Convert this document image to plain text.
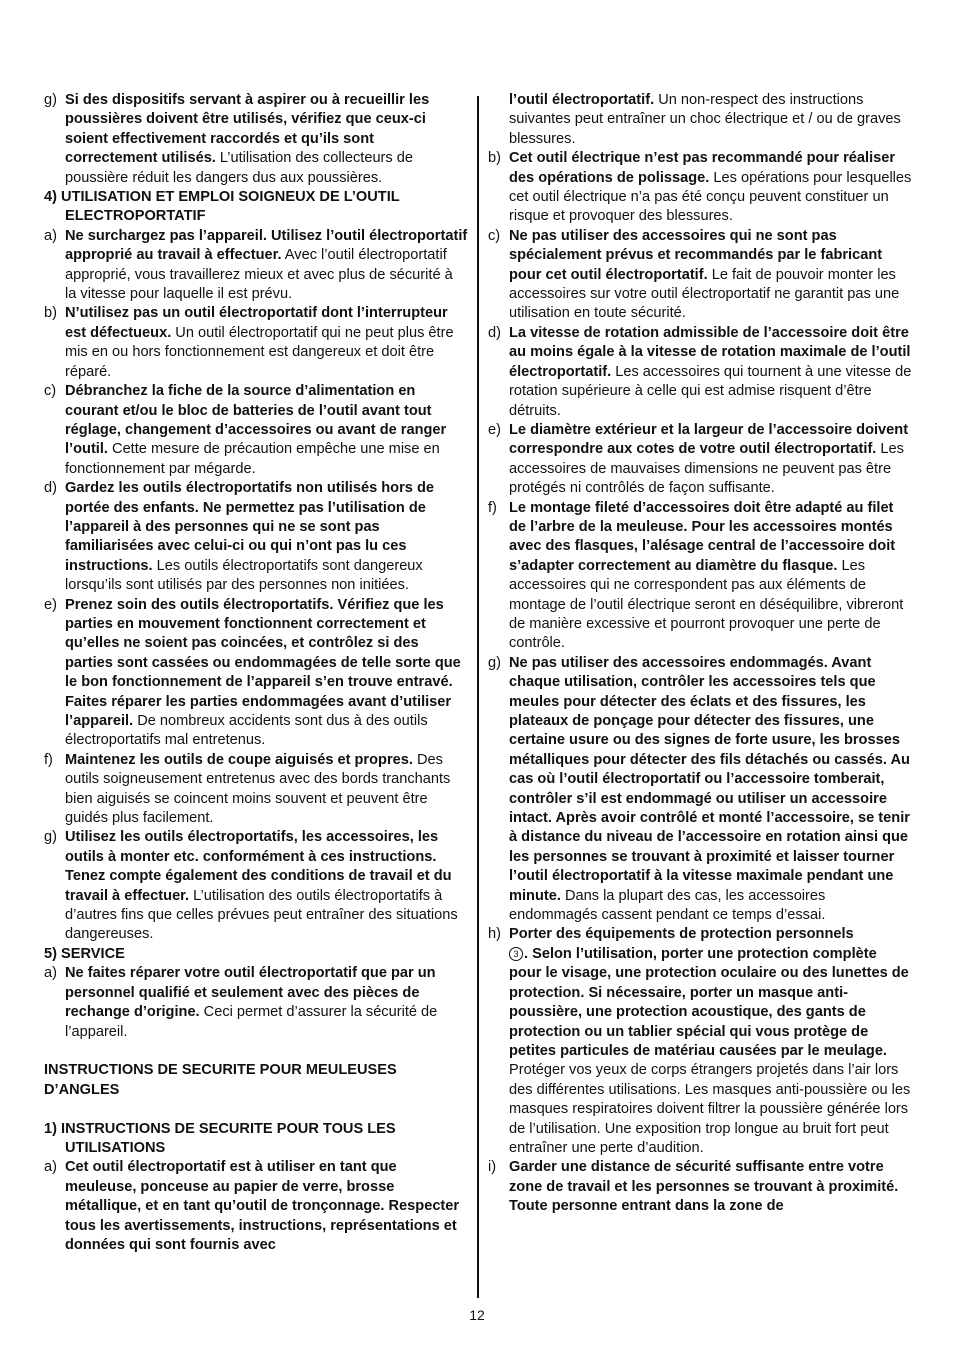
g) Si des dispositifs servant à aspirer ou à recueillir les poussières doivent être utilisés, vérifiez que ceux-ci soient effectivement raccordés et qu’ils sont correctement utilisés. L’utilisation des collecteurs de poussière réduit les dangers dus aux poussières.
4) UTILISATION ET EMPLOI SOIGNEUX DE L’OUTIL
ELECTROPORTATIF
a) Ne surchargez pas l’appareil. Utilisez l’outil électroportatif approprié au travail à effectuer. Avec l’outil électroportatif approprié, vous travaillerez mieux et avec plus de sécurité à la vitesse pour laquelle il est prévu.
b) N’utilisez pas un outil électroportatif dont l’interrupteur est défectueux. Un outil électroportatif qui ne peut plus être mis en ou hors fonctionnement est dangereux et doit être réparé.
c) Débranchez la fiche de la source d’alimentation en courant et/ou le bloc de batteries de l’outil avant tout réglage, changement d’accessoires ou avant de ranger l’outil. Cette mesure de précaution empêche une mise en fonctionnement par mégarde.
d) Gardez les outils électroportatifs non utilisés hors de portée des enfants. Ne permettez pas l’utilisation de l’appareil à des personnes qui ne se sont pas familiarisées avec celui-ci ou qui n’ont pas lu ces instructions. Les outils électroportatifs sont dangereux lorsqu’ils sont utilisés par des personnes non initiées.
e) Prenez soin des outils électroportatifs. Vérifiez que les parties en mouvement fonctionnent correctement et qu’elles ne soient pas coincées, et contrôlez si des parties sont cassées ou endommagées de telle sorte que le bon fonctionnement de l’appareil s’en trouve entravé. Faites réparer les parties endommagées avant d’utiliser l’appareil. De nombreux accidents sont dus à des outils électroportatifs mal entretenus.
f) Maintenez les outils de coupe aiguisés et propres. Des outils soigneusement entretenus avec des bords tranchants bien aiguisés se coincent moins souvent et peuvent être guidés plus facilement.
g) Utilisez les outils électroportatifs, les accessoires, les outils à monter etc. conformément à ces instructions. Tenez compte également des conditions de travail et du travail à effectuer. L’utilisation des outils électroportatifs à d’autres fins que celles prévues peut entraîner des situations dangereuses.
5) SERVICE
a) Ne faites réparer votre outil électroportatif que par un personnel qualifié et seulement avec des pièces de rechange d’origine. Ceci permet d’assurer la sécurité de l’appareil.
INSTRUCTIONS DE SECURITE POUR MEULEUSES
D’ANGLES
1) INSTRUCTIONS DE SECURITE POUR TOUS LES
UTILISATIONS
a) Cet outil électroportatif est à utiliser en tant que meuleuse, ponceuse au papier de verre, brosse métallique, et en tant qu’outil de tronçonnage. Respecter tous les avertissements, instructions, représentations et données qui sont fournis avec
l’outil électroportatif. Un non-respect des instructions suivantes peut entraîner un choc électrique et / ou de graves blessures.
b) Cet outil électrique n’est pas recommandé pour réaliser des opérations de polissage. Les opérations pour lesquelles cet outil électrique n’a pas été conçu peuvent constituer un risque et provoquer des blessures.
c) Ne pas utiliser des accessoires qui ne sont pas spécialement prévus et recommandés par le fabricant pour cet outil électroportatif. Le fait de pouvoir monter les accessoires sur votre outil électroportatif ne garantit pas une utilisation en toute sécurité.
d) La vitesse de rotation admissible de l’accessoire doit être au moins égale à la vitesse de rotation maximale de l’outil électroportatif. Les accessoires qui tournent à une vitesse de rotation supérieure à celle qui est admise risquent d’être détruits.
e) Le diamètre extérieur et la largeur de l’accessoire doivent correspondre aux cotes de votre outil électroportatif. Les accessoires de mauvaises dimensions ne peuvent pas être protégés ni contrôlés de façon suffisante.
f) Le montage fileté d’accessoires doit être adapté au filet de l’arbre de la meuleuse. Pour les accessoires montés avec des flasques, l’alésage central de l’accessoire doit s’adapter correctement au diamètre du flasque. Les accessoires qui ne correspondent pas aux éléments de montage de l’outil électrique seront en déséquilibre, vibreront de manière excessive et pourront provoquer une perte de contrôle.
g) Ne pas utiliser des accessoires endommagés. Avant chaque utilisation, contrôler les accessoires tels que meules pour détecter des éclats et des fissures, les plateaux de ponçage pour détecter des fissures, une certaine usure ou des signes de forte usure, les brosses métalliques pour détecter des fils détachés ou cassés. Au cas où l’outil électroportatif ou l’accessoire tomberait, contrôler s’il est endommagé ou utiliser un accessoire intact. Après avoir contrôlé et monté l’accessoire, se tenir à distance du niveau de l’accessoire en rotation ainsi que les personnes se trouvant à proximité et laisser tourner l’outil électroportatif à la vitesse maximale pendant une minute. Dans la plupart des cas, les accessoires endommagés cassent pendant ce temps d’essai.
h) Porter des équipements de protection personnels
3 . Selon l’utilisation, porter une protection complète pour le visage, une protection oculaire ou des lunettes de protection. Si nécessaire, porter un masque anti-poussière, une protection acoustique, des gants de protection ou un tablier spécial qui vous protège de petites particules de matériau causées par le meulage. Protéger vos yeux de corps étrangers projetés dans l’air lors des différentes utilisations. Les masques anti-poussière ou les masques respiratoires doivent filtrer la poussière générée lors de l’utilisation. Une exposition trop longue au bruit fort peut entraîner une perte d’audition.
i) Garder une distance de sécurité suffisante entre votre zone de travail et les personnes se trouvant à proximité. Toute personne entrant dans la zone de
12
